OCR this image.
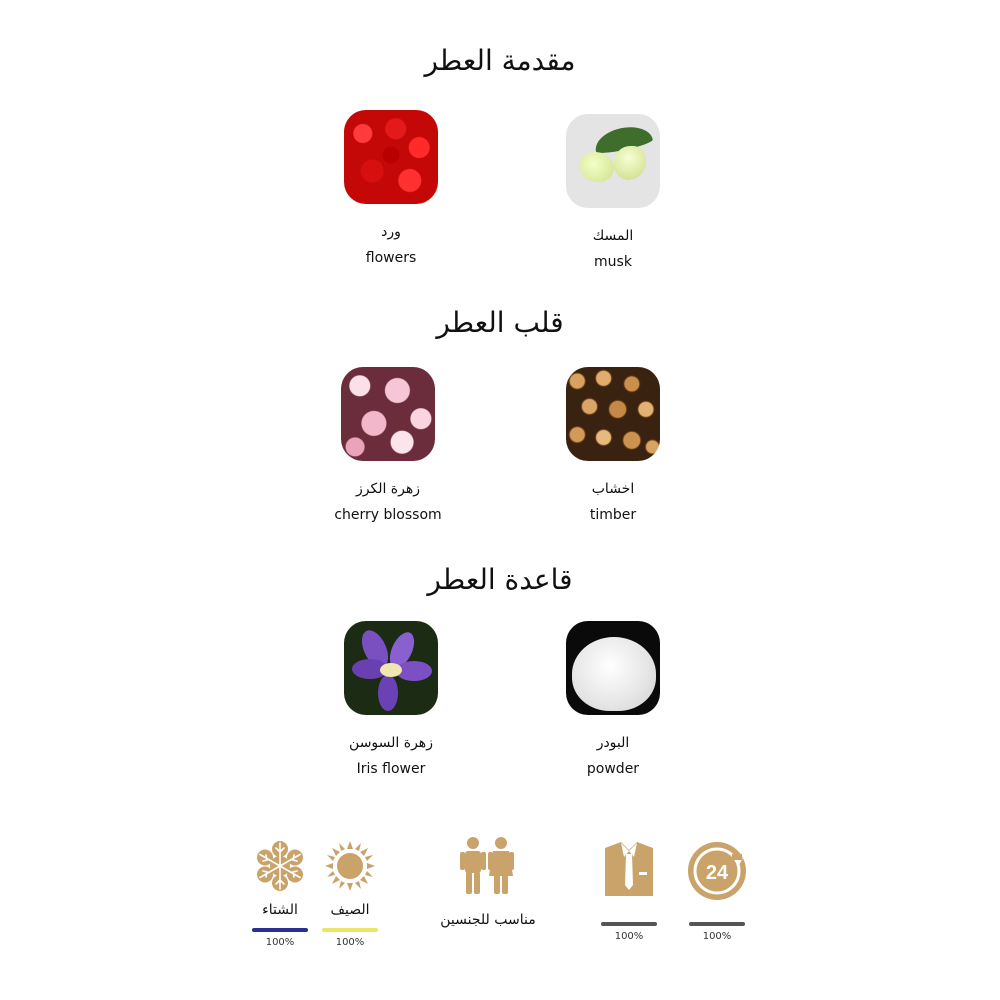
مقدمة العطر
ورد
flowers
المسك
musk
قلب العطر
زهرة الكرز
cherry blossom
اخشاب
timber
قاعدة العطر
زهرة السوسن
Iris flower
البودر
powder
الشتاء
100%
الصيف
100%
مناسب للجنسين
100%
24
100%
